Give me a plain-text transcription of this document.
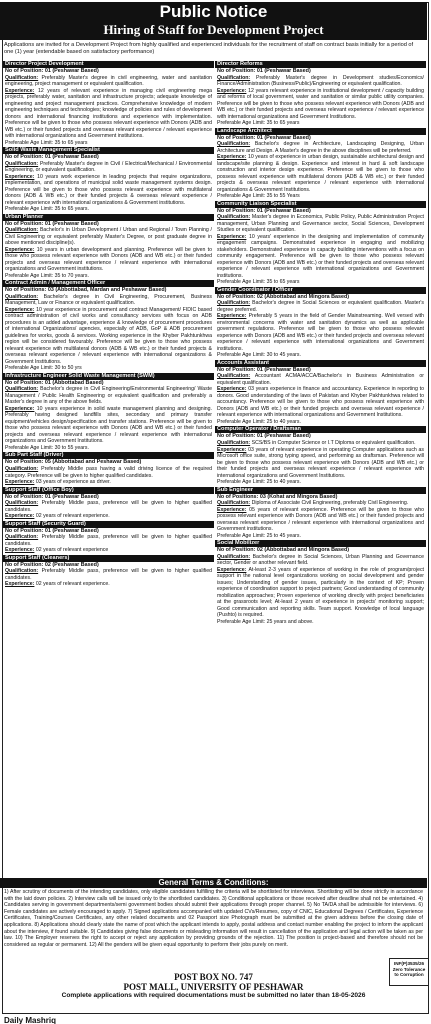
Public Notice
Hiring of Staff for Development Project
Applications are invited for a Development Project from highly qualified and experienced individuals for the recruitment of staff on contract basis initially for a period of one (1) year (extendable based on satisfactory performance)
Director Project Development
No of Position: 01 (Peshawar Based)
Qualification: Preferably Master's degree in civil engineering, water and sanitation engineering, project management or equivalent qualification.
Experience: 12 years of relevant experience in managing civil engineering mega projects, preferably water, sanitation and infrastructure projects; adequate knowledge of engineering and project management practices. Comprehensive knowledge of modern engineering techniques and technologies; knowledge of policies and rules of development donors and international financing institutions and experience with implementation. Preference will be given to those who possess relevant experience with Donors (ADB and WB etc.) or their funded projects and overseas relevant experience / relevant experience with international organizations and Government institutions.
Preferable Age Limit: 35 to 65 years
Solid Waste Management Specialist
No of Position: 01 (Peshawar Based)
Qualification: Preferably Master's degree in Civil / Electrical/Mechanical / Environmental Engineering, or equivalent qualification.
Experience: 10 years work experience in leading projects that require organizations, implementation, and operations of municipal solid waste management systems design. Preference will be given to those who possess relevant experience with multilateral donors (ADB & WB etc.) or their funded projects & overseas relevant experience / relevant experience with international organizations & Government institutions.
Preferable Age Limit: 35 to 65 years.
Urban Planner
No of Position: 01 (Peshawar Based)
Qualification: Bachelor's in Urban Development / Urban and Regional / Town Planning / Civil Engineering or equivalent preferably Master's Degree, or post graduate degree in above mentioned discipline(s).
Experience: 10 years in urban development and planning. Preference will be given to those who possess relevant experience with Donors (ADB and WB etc.) or their funded projects and overseas relevant experience / relevant experience with international organizations and Government institutions.
Preferable Age Limit: 35 to 70 years.
Contract Admin / Management Officer
No of Positions: 03 (Abbottabad, Mardan and Peshawar Based)
Qualification: Bachelor's degree in Civil Engineering, Procurement, Business Management, Law or Finance or equivalent qualification.
Experience: 10 year experience in procurement and contract Management/ FIDIC based contract administration of civil works and consultancy services with focus on ADB procedures is an added advantage, experience & knowledge of procurement procedures of international Organizations/ agencies, especially of ADB, GoP & ADB procurement guidelines for works, goods & services. Working experience in the Khyber Pakhtunkhwa region will be considered favourably. Preference will be given to those who possess relevant experience with multilateral donors (ADB & WB etc.) or their funded projects & overseas relevant experience / relevant experience with international organizations & Government Institutions.
Preferable Age Limit: 30 to 50 yrs
Infrastructure Engineer Solid Waste Management (SWM)
No of Position: 01 (Abbottabad Based)
Qualification: Bachelor's degree in Civil Engineering/Environmental Engineering/ Waste Management / Public Health Engineering or equivalent qualification and preferably a Master's degree in any of the above fields.
Experience: 10 years experience in solid waste management planning and designing. Preferably having designed landfills sites, secondary and primary transfer equipment/vehicles design/specification and transfer stations. Preference will be given to those who possess relevant experience with Donors (ADB and WB etc.) or their funded projects and overseas relevant experience / relevant experience with international organizations and Government Institutions.
Preferable Age Limit: 30 to 55 years.
Sub Part Staff (Driver)
No of Position: 05 (Abbottabad and Peshawar Based)
Qualification: Preferably Middle pass having a valid driving licence of the required category. Preference will be given to higher qualified candidates.
Experience: 03 years of experience as driver.
Support Staff (Office Boy)
No of Position: 01 (Peshawar Based)
Qualification: Preferably Middle pass, preference will be given to higher qualified candidates.
Experience: 02 years of relevant experience.
Support Staff (Security Guard)
No of Position: 01 (Peshawar Based)
Qualification: Preferably Middle pass, preference will be given to higher qualified candidates.
Experience: 02 years of relevant experience
Support Staff (Cleaners)
No of Position: 02 (Peshawar Based)
Qualification: Preferably Middle pass, preference will be given to higher qualified candidates.
Experience: 02 years of relevant experience.
Director Reforms
No of Position: 01 (Peshawar Based)
Qualification: Preferably Master's degree in Development studies/Economics/ Finance/Administration (Business/Public)/Engineering or equivalent qualification.
Experience: 12 years relevant experience in institutional development / capacity building and reforms of local government, water and sanitation or similar public utility companies. Preference will be given to those who possess relevant experience with Donors (ADB and WB etc.) or their funded projects and overseas relevant experience / relevant experience with international organizations and Government Institutions.
Preferable Age Limit: 35 to 65 years
Landscape Architect
No of Position: 01 (Peshawar Based)
Qualification: Bachelor's degree in Architecture, Landscaping Designing, Urban Architecture and Design. A Master's degree in the above disciplines will be preferred.
Experience: 10 years of experience in urban design, sustainable architectural design and landscape/site planning & design. Experience and interest in hard & soft landscape construction and interior design experience. Preference will be given to those who possess relevant experience with multilateral donors (ADB & WB etc.) or their funded projects & overseas relevant experience / relevant experience with international organizations & Government Institutions.
Preferable Age Limit: 35 to 55 Years
Community Liaison Specialist
No of Position: 01 (Peshawar Based)
Qualification: Master's degree in Economics, Public Policy, Public Administration Project management, Urban Planning and Governance sector, Social Sciences, Development Studies or equivalent qualification.
Experience: 10 years' experience in the designing and implementation of community engagement campaigns. Demonstrated experience in engaging and mobilizing stakeholders. Demonstrated experience in capacity building interventions with a focus on community engagement. Preference will be given to those who possess relevant experience with Donors (ADB and WB etc.) or their funded projects and overseas relevant experience / relevant experience with international organizations and Government institutions.
Preferable Age Limit: 35 to 65 years
Gender Coordinator / Officer
No of Position: 02 (Abbottabad and Mingora Based)
Qualification: Bachelor's degree in Social Sciences or equivalent qualification. Master's degree preferred.
Experience: Preferably 5 years in the field of Gender Mainstreaming. Well versed with environmental concerns with water and sanitation dynamics as well as applicable government regulations. Preference will be given to those who possess relevant experience with Donors (ADB and WB etc.) or their funded projects and overseas relevant experience / relevant experience with international organizations and Government institutions.
Preferable Age Limit: 30 to 45 years.
Accounts Assistant
No of Position: 01 (Peshawar Based)
Qualification: Accountant ACMA/ACCA/Bachelor's in Business Administration or equivalent qualification.
Experience: 03 years experience in finance and accountancy. Experience in reporting to donors. Good understanding of the laws of Pakistan and Khyber Pakhtunkhwa related to accountancy. Preference will be given to those who possess relevant experience with Donors (ADB and WB etc.) or their funded projects and overseas relevant experience / relevant experience with international organizations and Government Institutions.
Preferable Age Limit: 25 to 40 years.
Computer Operator / Draftsman
No of Position: 01 (Peshawar Based)
Qualification: SCS/BS in Computer Science or I.T Diploma or equivalent qualification.
Experience: 03 years of relevant experience in operating Computer applications such as Microsoft office suite, strong typing speed, and performing as draftsman. Preference will be given to those who possess relevant experience with Donors (ADB and WB etc.) or their funded projects and overseas relevant experience / relevant experience with international organizations and Government Institutions.
Preferable Age Limit: 25 to 40 years.
Sub Engineer
No of Positions: 03 (Kohat and Mingora Based)
Qualification: Diploma of Associate Civil Engineering, preferably Civil Engineering.
Experience: 05 years of relevant experience. Preference will be given to those who possess relevant experience with Donors (ADB and WB etc.) or their funded projects and overseas relevant experience / relevant experience with international organizations and Government institutions.
Preferable Age Limit: 25 to 45 years.
Social Mobilizer
No of Position: 02 (Abbottabad and Mingora Based)
Qualification: Bachelor's degree in Social Sciences, Urban Planning and Governance sector, Gender or another relevant field.
Experience: At-least 2-3 years of experience of working in the role of program/project support in the national level organizations working on social development and gender issues; Understanding of gender issues, particularly in the context of KP; Proven experience of coordination support to project partners; Good understanding of community mobilization approaches; Proven experience of working directly with project beneficiaries at the grassroots level; At-least 2 years of experience in projects' monitoring support; Good communication and reporting skills. Team support. Knowledge of local language (Pushto) is required.
Preferable Age Limit: 25 years and above.
General Terms & Conditions:
1) After scrutiny of documents of the intending candidates, only eligible candidates fulfilling the criteria will be shortlisted for interviews. Shortlisting will be done strictly in accordance with the laid down policies. 2) Interview calls will be issued only to the shortlisted candidates. 3) Conditional applications or those received after deadline shall not be entertained. 4) Candidates serving in government departments/semi government bodies should submit their applications through proper channel. 5) No TA/DA shall be admissible for interviews. 6) Female candidates are actively encouraged to apply. 7) Signed applications accompanied with updated CVs/Resumes, copy of CNIC, Educational Degrees / Certificates, Experience Certificates, Training/Courses Certificates, any other related documents and 02 Passport size Photograph must be submitted at the given address before the closing date of applications. 8) Applications should clearly state the name of post which the applicant intends to apply, postal address and contact number enabling the project to inform the applicant about the interview, if found suitable. 9) Candidates giving false documents or misleading information will result in cancellation of the application and legal action will be taken as per law. 10) The Employer reserves the right to accept or reject any application by providing grounds of the rejection. 11) The position is project-based and therefore should not be considered as regular or permanent. 12) All the genders will be given equal opportunity to perform their jobs purely on merit.
INF(P)3535/26
Zero Tolerance to Corruption
POST BOX NO. 747
POST MALL, UNIVERSITY OF PESHAWAR
Complete applications with required documentations must be submitted no later than 18-05-2026
Daily Mashriq
